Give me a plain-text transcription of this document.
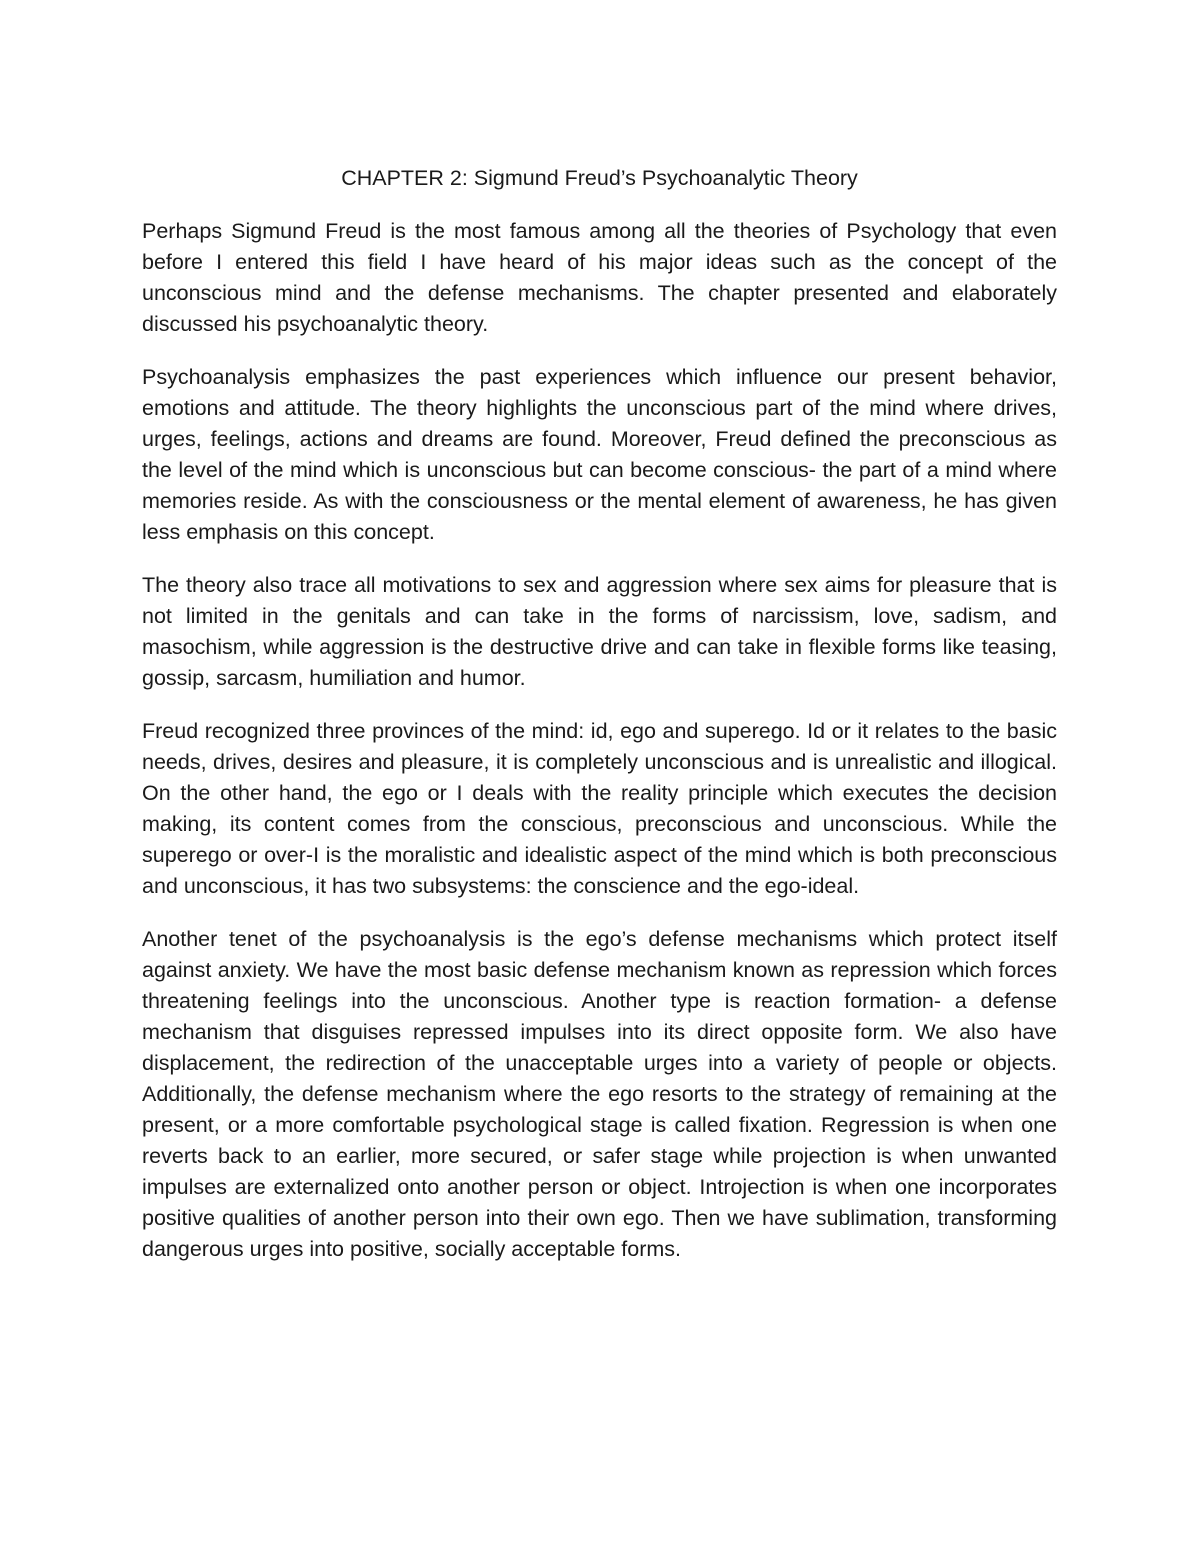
CHAPTER 2: Sigmund Freud’s Psychoanalytic Theory

Perhaps Sigmund Freud is the most famous among all the theories of Psychology that even before I entered this field I have heard of his major ideas such as the concept of the unconscious mind and the defense mechanisms. The chapter presented and elaborately discussed his psychoanalytic theory.

Psychoanalysis emphasizes the past experiences which influence our present behavior, emotions and attitude. The theory highlights the unconscious part of the mind where drives, urges, feelings, actions and dreams are found. Moreover, Freud defined the preconscious as the level of the mind which is unconscious but can become conscious- the part of a mind where memories reside. As with the consciousness or the mental element of awareness, he has given less emphasis on this concept.

The theory also trace all motivations to sex and aggression where sex aims for pleasure that is not limited in the genitals and can take in the forms of narcissism, love, sadism, and masochism, while aggression is the destructive drive and can take in flexible forms like teasing, gossip, sarcasm, humiliation and humor.

Freud recognized three provinces of the mind: id, ego and superego. Id or it relates to the basic needs, drives, desires and pleasure, it is completely unconscious and is unrealistic and illogical. On the other hand, the ego or I deals with the reality principle which executes the decision making, its content comes from the conscious, preconscious and unconscious. While the superego or over-I is the moralistic and idealistic aspect of the mind which is both preconscious and unconscious, it has two subsystems: the conscience and the ego-ideal.

Another tenet of the psychoanalysis is the ego’s defense mechanisms which protect itself against anxiety. We have the most basic defense mechanism known as repression which forces threatening feelings into the unconscious. Another type is reaction formation- a defense mechanism that disguises repressed impulses into its direct opposite form. We also have displacement, the redirection of the unacceptable urges into a variety of people or objects. Additionally, the defense mechanism where the ego resorts to the strategy of remaining at the present, or a more comfortable psychological stage is called fixation. Regression is when one reverts back to an earlier, more secured, or safer stage while projection is when unwanted impulses are externalized onto another person or object. Introjection is when one incorporates positive qualities of another person into their own ego. Then we have sublimation, transforming dangerous urges into positive, socially acceptable forms.
